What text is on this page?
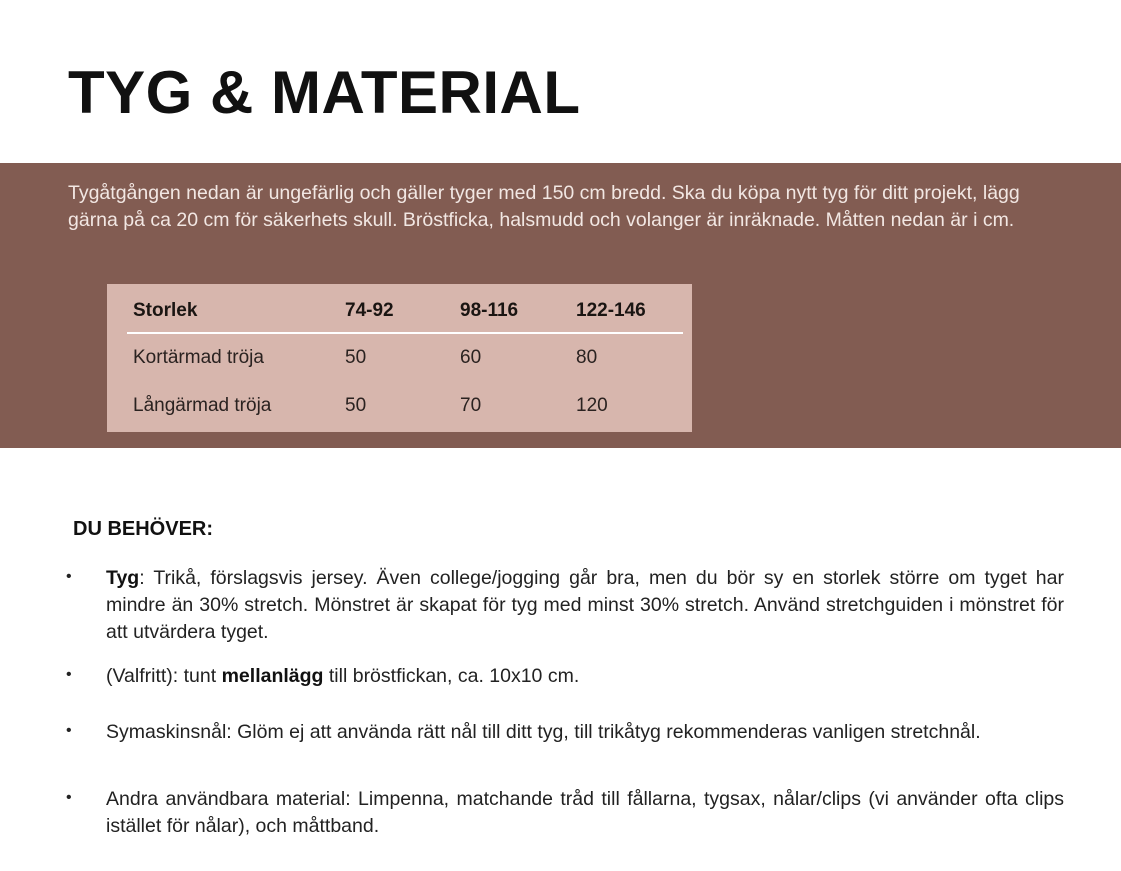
TYG & MATERIAL

Tygåtgången nedan är ungefärlig och gäller tyger med 150 cm bredd. Ska du köpa nytt tyg för ditt projekt, lägg gärna på ca 20 cm för säkerhets skull. Bröstficka, halsmudd och volanger är inräknade. Måtten nedan är i cm.

Storlek	74-92	98-116	122-146
Kortärmad tröja	50	60	80
Långärmad tröja	50	70	120
DU BEHÖVER:
• Tyg: Trikå, förslagsvis jersey. Även college/jogging går bra, men du bör sy en storlek större om tyget har mindre än 30% stretch. Mönstret är skapat för tyg med minst 30% stretch. Använd stretchguiden i mönstret för att utvärdera tyget.

• (Valfritt): tunt mellanlägg till bröstfickan, ca. 10x10 cm.

• Symaskinsnål: Glöm ej att använda rätt nål till ditt tyg, till trikåtyg rekommenderas vanligen stretchnål.

• Andra användbara material: Limpenna, matchande tråd till fållarna, tygsax, nålar/clips (vi använder ofta clips istället för nålar), och måttband.
